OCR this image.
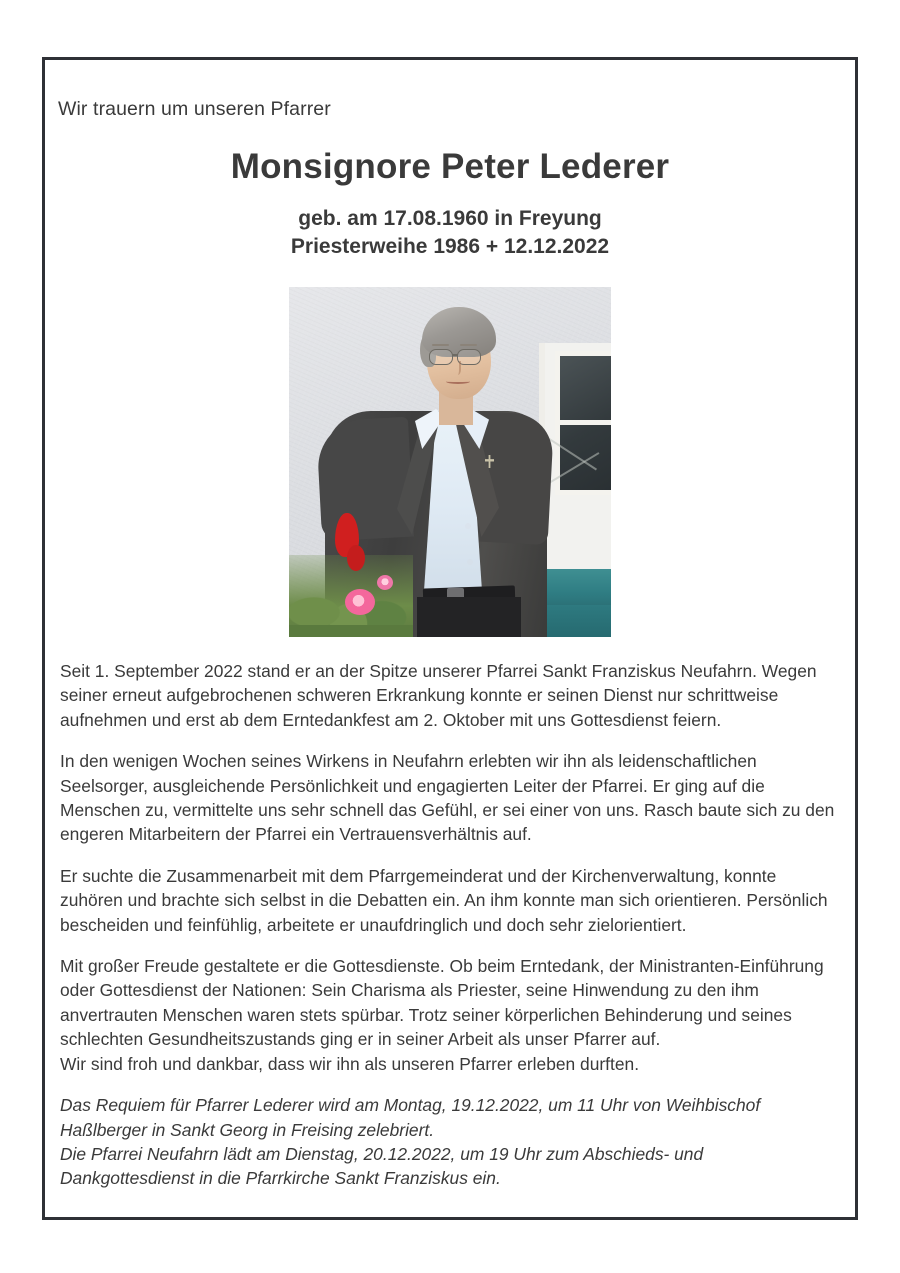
Wir trauern um unseren Pfarrer

Monsignore Peter Lederer
geb. am 17.08.1960 in Freyung
Priesterweihe 1986 + 12.12.2022

Seit 1. September 2022 stand er an der Spitze unserer Pfarrei Sankt Franziskus Neufahrn. Wegen seiner erneut aufgebrochenen schweren Erkrankung konnte er seinen Dienst nur schrittweise aufnehmen und erst ab dem Erntedankfest am 2. Oktober mit uns Gottesdienst feiern.

In den wenigen Wochen seines Wirkens in Neufahrn erlebten wir ihn als leidenschaftlichen Seelsorger, ausgleichende Persönlichkeit und engagierten Leiter der Pfarrei. Er ging auf die Menschen zu, vermittelte uns sehr schnell das Gefühl, er sei einer von uns. Rasch baute sich zu den engeren Mitarbeitern der Pfarrei ein Vertrauensverhältnis auf.

Er suchte die Zusammenarbeit mit dem Pfarrgemeinderat und der Kirchenverwaltung, konnte zuhören und brachte sich selbst in die Debatten ein. An ihm konnte man sich orientieren. Persönlich bescheiden und feinfühlig, arbeitete er unaufdringlich und doch sehr zielorientiert.

Mit großer Freude gestaltete er die Gottesdienste. Ob beim Erntedank, der Ministranten-Einführung oder Gottesdienst der Nationen: Sein Charisma als Priester, seine Hinwendung zu den ihm anvertrauten Menschen waren stets spürbar. Trotz seiner körperlichen Behinderung und seines schlechten Gesundheitszustands ging er in seiner Arbeit als unser Pfarrer auf.

Wir sind froh und dankbar, dass wir ihn als unseren Pfarrer erleben durften.

Das Requiem für Pfarrer Lederer wird am Montag, 19.12.2022, um 11 Uhr von Weihbischof Haßlberger in Sankt Georg in Freising zelebriert.

Die Pfarrei Neufahrn lädt am Dienstag, 20.12.2022, um 19 Uhr zum Abschieds- und Dankgottesdienst in die Pfarrkirche Sankt Franziskus ein.
